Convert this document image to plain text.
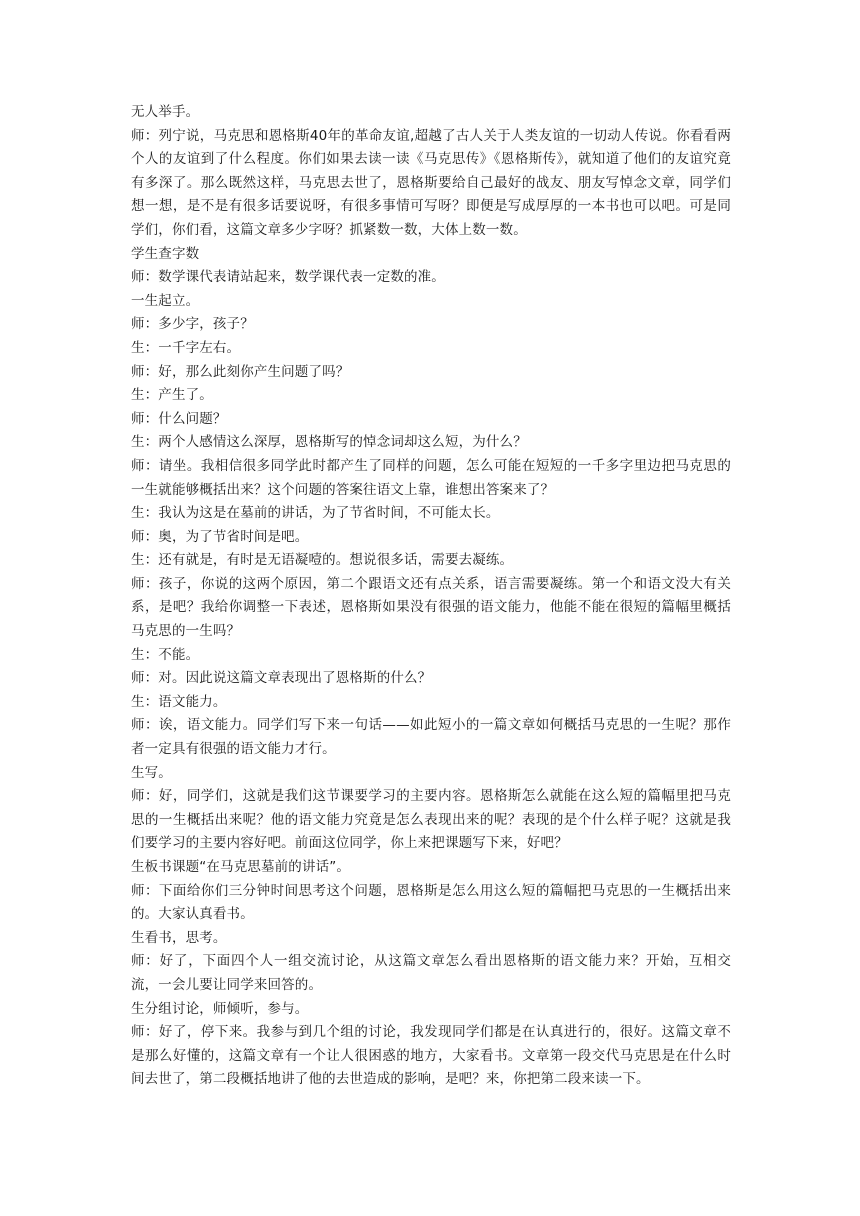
无人举手。

师：列宁说，马克思和恩格斯40年的革命友谊,超越了古人关于人类友谊的一切动人传说。你看看两个人的友谊到了什么程度。你们如果去读一读《马克思传》《恩格斯传》，就知道了他们的友谊究竟有多深了。那么既然这样，马克思去世了，恩格斯要给自己最好的战友、朋友写悼念文章，同学们想一想，是不是有很多话要说呀，有很多事情可写呀？即便是写成厚厚的一本书也可以吧。可是同学们，你们看，这篇文章多少字呀？抓紧数一数，大体上数一数。

学生查字数

师：数学课代表请站起来，数学课代表一定数的准。

一生起立。

师：多少字，孩子？

生：一千字左右。

师：好，那么此刻你产生问题了吗？

生：产生了。

师：什么问题？

生：两个人感情这么深厚，恩格斯写的悼念词却这么短，为什么？

师：请坐。我相信很多同学此时都产生了同样的问题，怎么可能在短短的一千多字里边把马克思的一生就能够概括出来？这个问题的答案往语文上靠，谁想出答案来了？

生：我认为这是在墓前的讲话，为了节省时间，不可能太长。

师：奥，为了节省时间是吧。

生：还有就是，有时是无语凝噎的。想说很多话，需要去凝练。

师：孩子，你说的这两个原因，第二个跟语文还有点关系，语言需要凝练。第一个和语文没大有关系，是吧？我给你调整一下表述，恩格斯如果没有很强的语文能力，他能不能在很短的篇幅里概括马克思的一生吗？

生：不能。

师：对。因此说这篇文章表现出了恩格斯的什么？

生：语文能力。

师：诶，语文能力。同学们写下来一句话——如此短小的一篇文章如何概括马克思的一生呢？那作者一定具有很强的语文能力才行。

生写。

师：好，同学们，这就是我们这节课要学习的主要内容。恩格斯怎么就能在这么短的篇幅里把马克思的一生概括出来呢？他的语文能力究竟是怎么表现出来的呢？表现的是个什么样子呢？这就是我们要学习的主要内容好吧。前面这位同学，你上来把课题写下来，好吧？

生板书课题“在马克思墓前的讲话”。

师：下面给你们三分钟时间思考这个问题，恩格斯是怎么用这么短的篇幅把马克思的一生概括出来的。大家认真看书。

生看书，思考。

师：好了，下面四个人一组交流讨论，从这篇文章怎么看出恩格斯的语文能力来？开始，互相交流，一会儿要让同学来回答的。

生分组讨论，师倾听，参与。

师：好了，停下来。我参与到几个组的讨论，我发现同学们都是在认真进行的，很好。这篇文章不是那么好懂的，这篇文章有一个让人很困惑的地方，大家看书。文章第一段交代马克思是在什么时间去世了，第二段概括地讲了他的去世造成的影响，是吧？来，你把第二段来读一下。
